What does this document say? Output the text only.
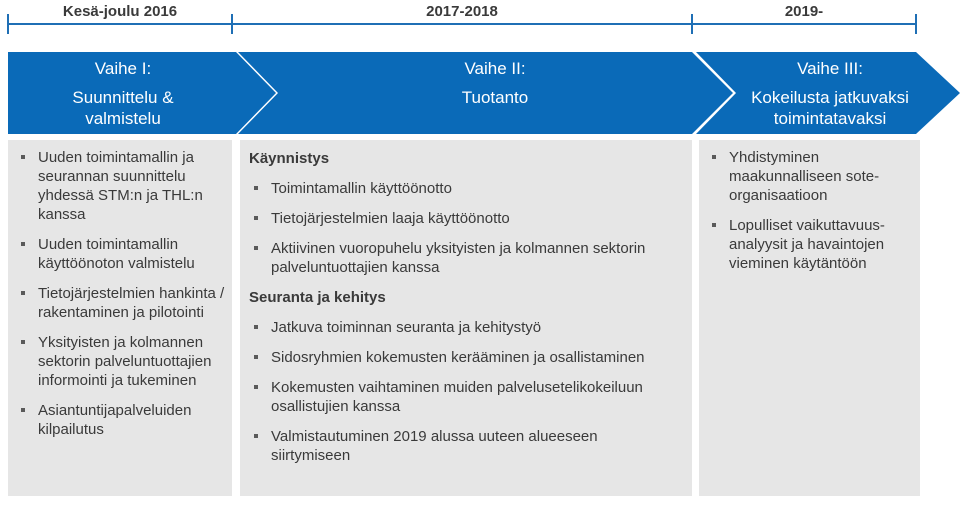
Kesä-joulu 2016	2017-2018	2019-
Vaihe I:
Suunnittelu &
valmistelu
Vaihe II:
Tuotanto
Vaihe III:
Kokeilusta jatkuvaksi
toimintatavaksi
Uuden toimintamallin ja seurannan suunnittelu yhdessä STM:n ja THL:n kanssa
Uuden toimintamallin käyttöönoton valmistelu
Tietojärjestelmien hankinta / rakentaminen ja pilotointi
Yksityisten ja kolmannen sektorin palveluntuottajien informointi ja tukeminen
Asiantuntijapalveluiden kilpailutus
Käynnistys
Toimintamallin käyttöönotto
Tietojärjestelmien laaja käyttöönotto
Aktiivinen vuoropuhelu yksityisten ja kolmannen sektorin palveluntuottajien kanssa
Seuranta ja kehitys
Jatkuva toiminnan seuranta ja kehitystyö
Sidosryhmien kokemusten kerääminen ja osallistaminen
Kokemusten vaihtaminen muiden palvelusetelikokeiluun osallistujien kanssa
Valmistautuminen 2019 alussa uuteen alueeseen siirtymiseen
Yhdistyminen maakunnalliseen sote-organisaatioon
Lopulliset vaikuttavuus-analyysit ja havaintojen vieminen käytäntöön
